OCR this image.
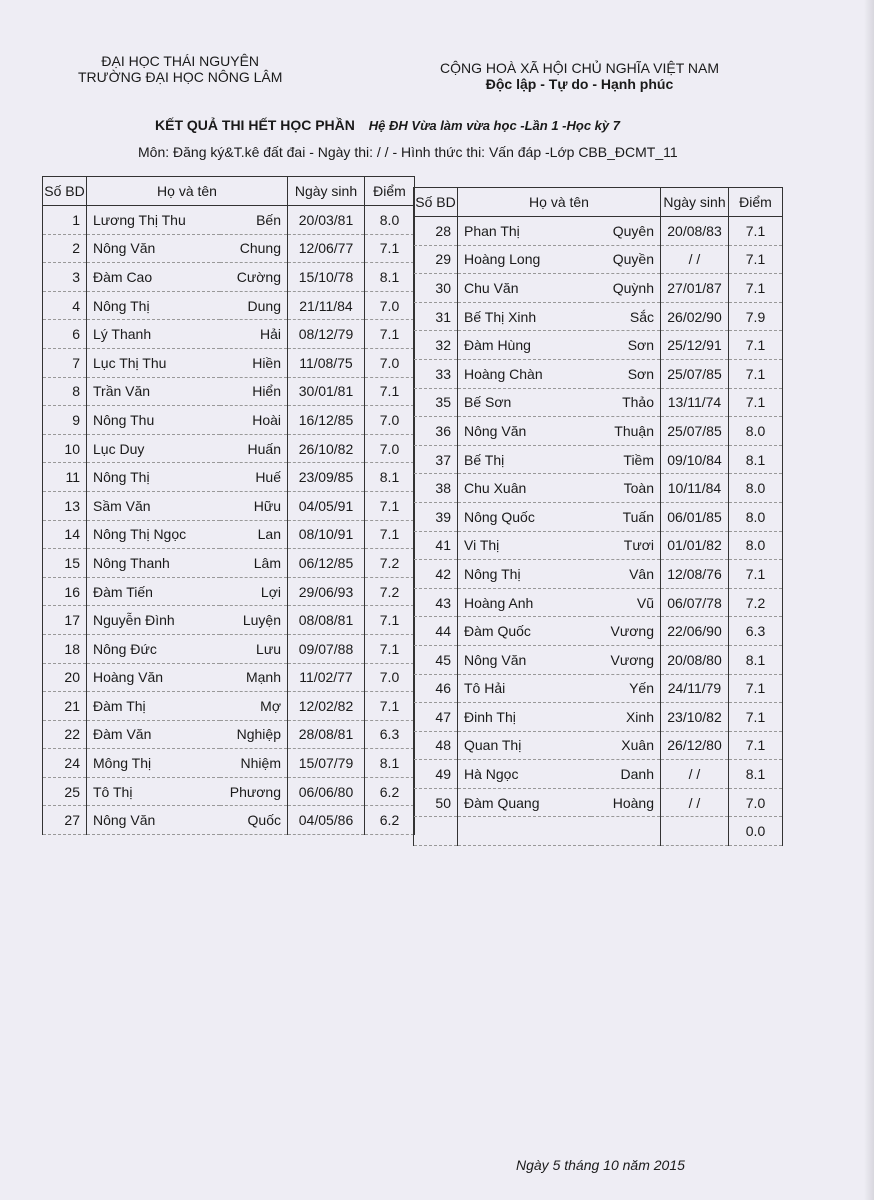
ĐẠI HỌC THÁI NGUYÊN
TRƯỜNG ĐẠI HỌC NÔNG LÂM
CỘNG HOÀ XÃ HỘI CHỦ NGHĨA VIỆT NAM
Độc lập - Tự do - Hạnh phúc
KẾT QUẢ THI HẾT HỌC PHẦN Hệ ĐH Vừa làm vừa học -Lần 1 -Học kỳ 7
Môn: Đăng ký&T.kê đất đai - Ngày thi: / / - Hình thức thi: Vấn đáp -Lớp CBB_ĐCMT_11
Số BD	Họ và tên		Ngày sinh	Điểm
1	Lương Thị Thu	Bến	20/03/81	8.0
2	Nông Văn	Chung	12/06/77	7.1
3	Đàm Cao	Cường	15/10/78	8.1
4	Nông Thị	Dung	21/11/84	7.0
6	Lý Thanh	Hải	08/12/79	7.1
7	Lục Thị Thu	Hiền	11/08/75	7.0
8	Trần Văn	Hiển	30/01/81	7.1
9	Nông Thu	Hoài	16/12/85	7.0
10	Lục Duy	Huấn	26/10/82	7.0
11	Nông Thị	Huế	23/09/85	8.1
13	Sầm Văn	Hữu	04/05/91	7.1
14	Nông Thị Ngọc	Lan	08/10/91	7.1
15	Nông Thanh	Lâm	06/12/85	7.2
16	Đàm Tiến	Lợi	29/06/93	7.2
17	Nguyễn Đình	Luyện	08/08/81	7.1
18	Nông Đức	Lưu	09/07/88	7.1
20	Hoàng Văn	Mạnh	11/02/77	7.0
21	Đàm Thị	Mợ	12/02/82	7.1
22	Đàm Văn	Nghiệp	28/08/81	6.3
24	Mông Thị	Nhiệm	15/07/79	8.1
25	Tô Thị	Phương	06/06/80	6.2
27	Nông Văn	Quốc	04/05/86	6.2
Số BD	Họ và tên		Ngày sinh	Điểm
28	Phan Thị	Quyên	20/08/83	7.1
29	Hoàng Long	Quyền	/ /	7.1
30	Chu Văn	Quỳnh	27/01/87	7.1
31	Bế Thị Xinh	Sắc	26/02/90	7.9
32	Đàm Hùng	Sơn	25/12/91	7.1
33	Hoàng Chàn	Sơn	25/07/85	7.1
35	Bế Sơn	Thảo	13/11/74	7.1
36	Nông Văn	Thuận	25/07/85	8.0
37	Bế Thị	Tiềm	09/10/84	8.1
38	Chu Xuân	Toàn	10/11/84	8.0
39	Nông Quốc	Tuấn	06/01/85	8.0
41	Vi Thị	Tươi	01/01/82	8.0
42	Nông Thị	Vân	12/08/76	7.1
43	Hoàng Anh	Vũ	06/07/78	7.2
44	Đàm Quốc	Vương	22/06/90	6.3
45	Nông Văn	Vương	20/08/80	8.1
46	Tô Hải	Yến	24/11/79	7.1
47	Đinh Thị	Xinh	23/10/82	7.1
48	Quan Thị	Xuân	26/12/80	7.1
49	Hà Ngọc	Danh	/ /	8.1
50	Đàm Quang	Hoàng	/ /	7.0
				0.0
Ngày 5 tháng 10 năm 2015
